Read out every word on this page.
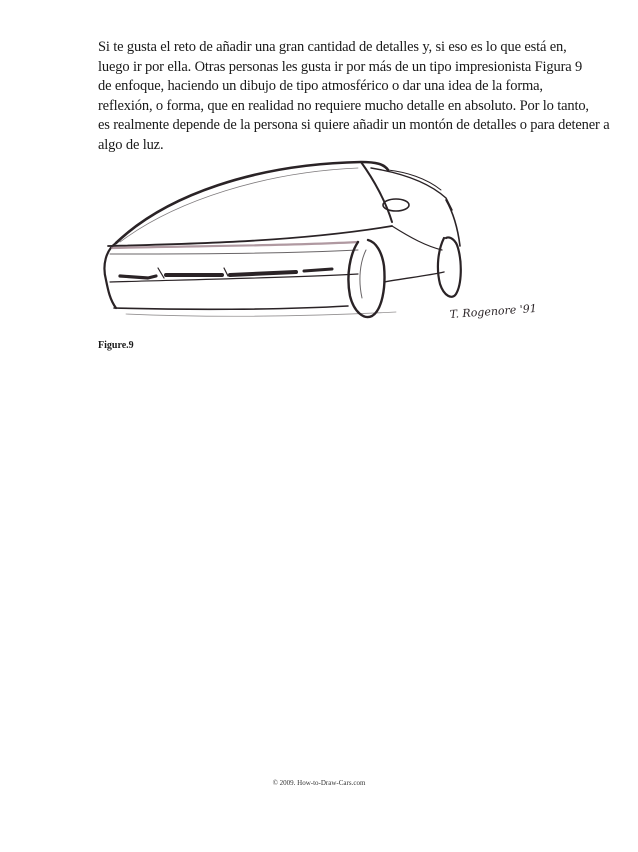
Si te gusta el reto de añadir una gran cantidad de detalles y, si eso es lo que está en,
luego ir por ella. Otras personas les gusta ir por más de un tipo impresionista Figura 9
de enfoque, haciendo un dibujo de tipo atmosférico o dar una idea de la forma,
reflexión, o forma, que en realidad no requiere mucho detalle en absoluto. Por lo tanto,
es realmente depende de la persona si quiere añadir un montón de detalles o para detener a
algo de luz.

T. Rogenore '91

Figure.9

© 2009. How-to-Draw-Cars.com
